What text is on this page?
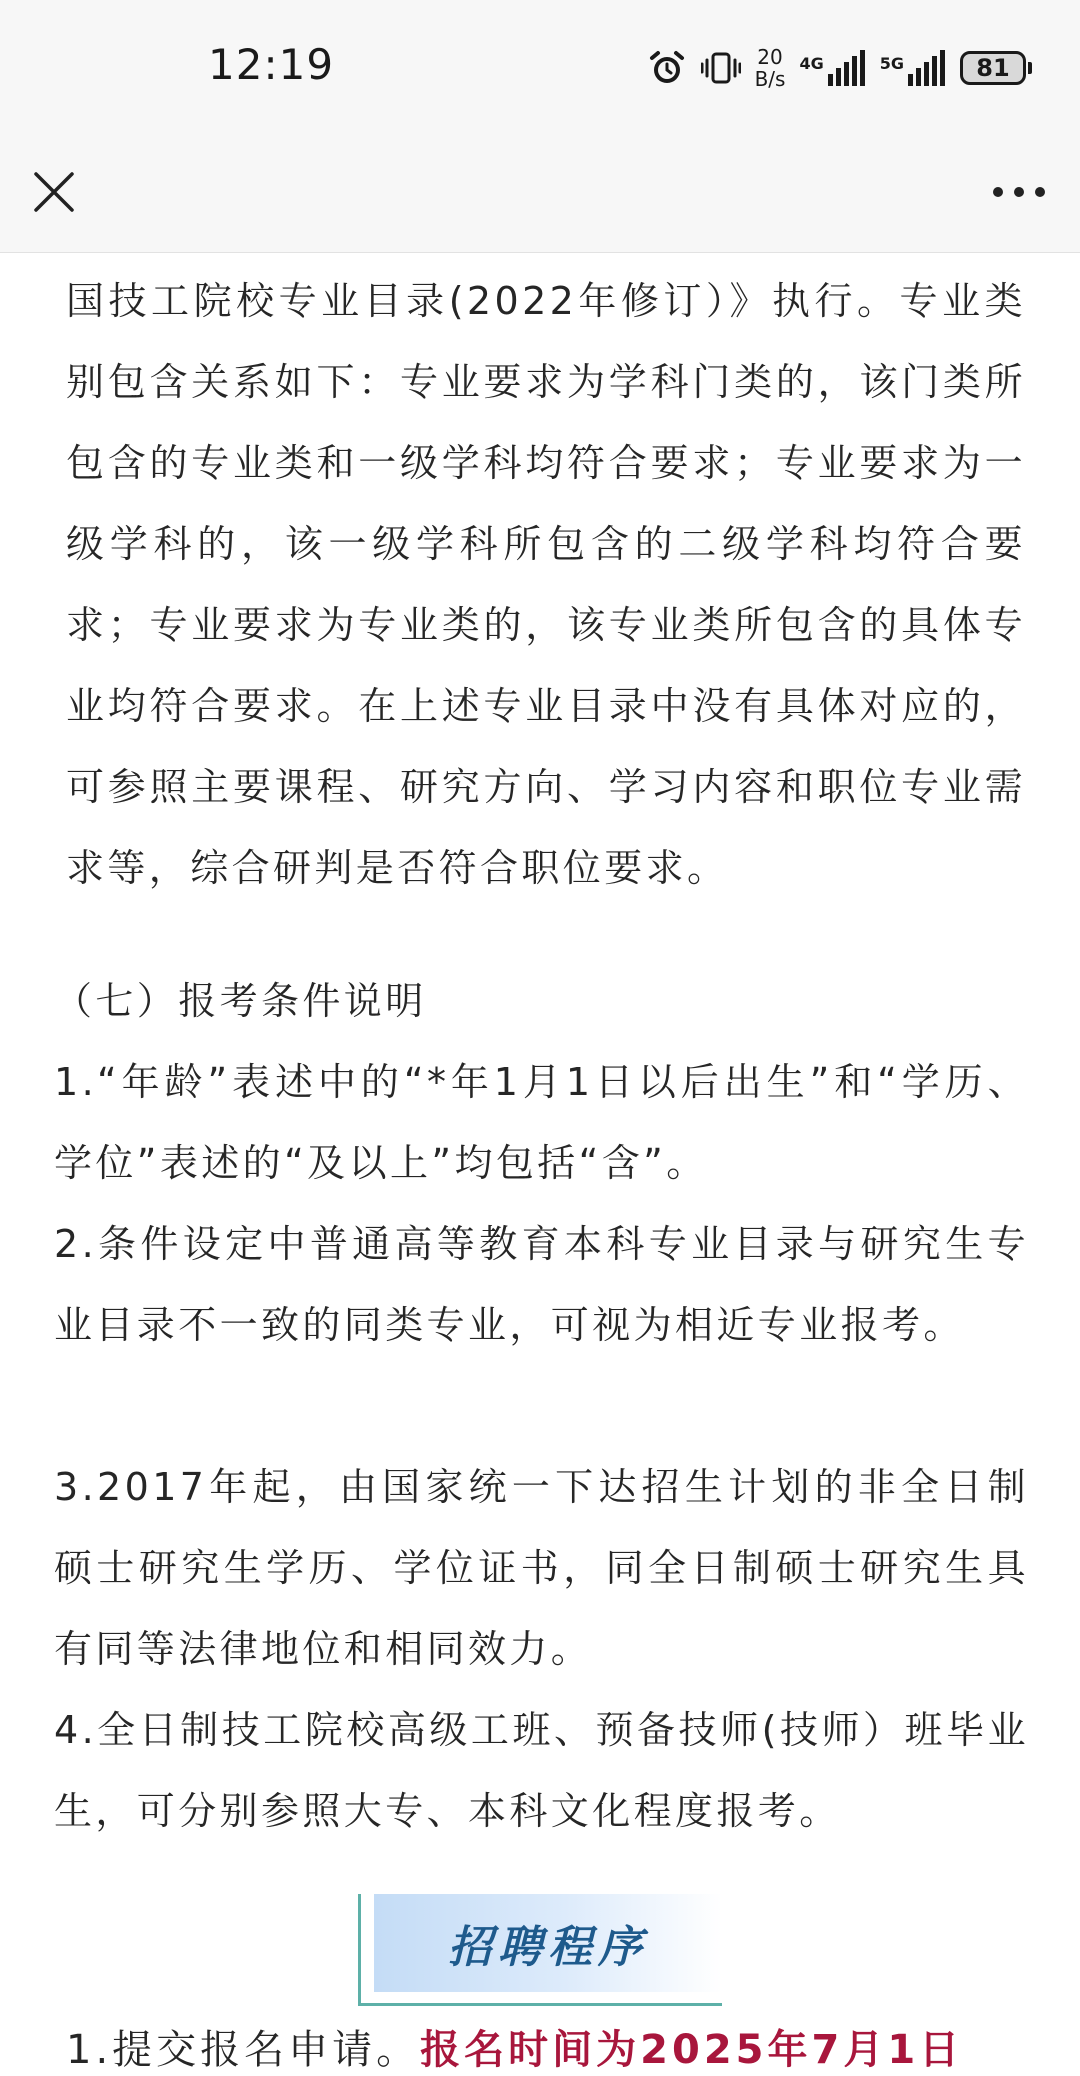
国技工院校专业目录(2022年修订）》执行。专业类别包含关系如下：专业要求为学科门类的，该门类所包含的专业类和一级学科均符合要求；专业要求为一级学科的，该一级学科所包含的二级学科均符合要求；专业要求为专业类的，该专业类所包含的具体专业均符合要求。在上述专业目录中没有具体对应的，可参照主要课程、研究方向、学习内容和职位专业需求等，综合研判是否符合职位要求。

（七）报考条件说明

1.“年龄”表述中的“*年1月1日以后出生”和“学历、学位”表述的“及以上”均包括“含”。

2.条件设定中普通高等教育本科专业目录与研究生专业目录不一致的同类专业，可视为相近专业报考。

3.2017年起，由国家统一下达招生计划的非全日制硕士研究生学历、学位证书，同全日制硕士研究生具有同等法律地位和相同效力。

4.全日制技工院校高级工班、预备技师(技师）班毕业生，可分别参照大专、本科文化程度报考。

招聘程序
1.提交报名申请。报名时间为2025年7月1日
12:19	20
B/s
4G	5G	81
